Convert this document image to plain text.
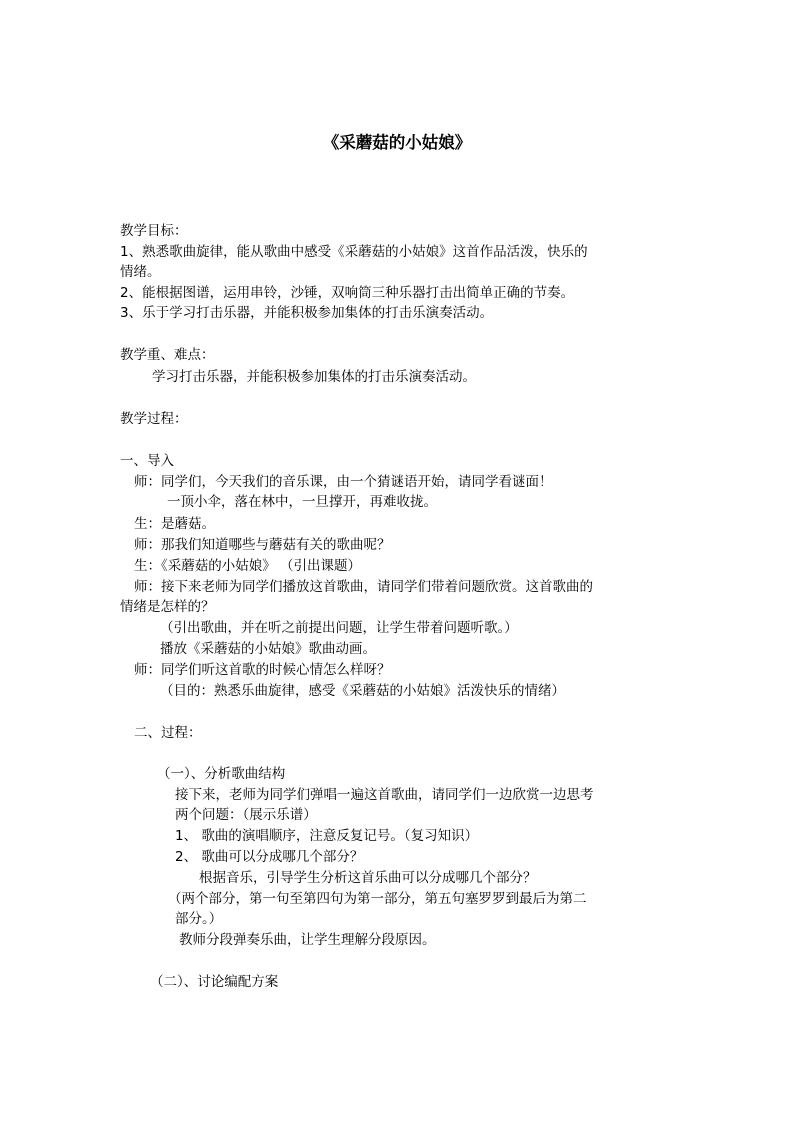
《采蘑菇的小姑娘》
教学目标：
1、熟悉歌曲旋律，能从歌曲中感受《采蘑菇的小姑娘》这首作品活泼，快乐的
情绪。
2、能根据图谱，运用串铃，沙锤，双响筒三种乐器打击出简单正确的节奏。
3、乐于学习打击乐器，并能积极参加集体的打击乐演奏活动。
教学重、难点：
学习打击乐器，并能积极参加集体的打击乐演奏活动。
教学过程：
一、导入
师：同学们，今天我们的音乐课，由一个猜谜语开始，请同学看谜面！
一顶小伞，落在林中，一旦撑开，再难收拢。
生：是蘑菇。
师：那我们知道哪些与蘑菇有关的歌曲呢？
生：《采蘑菇的小姑娘》 （引出课题）
师：接下来老师为同学们播放这首歌曲，请同学们带着问题欣赏。这首歌曲的
情绪是怎样的？
（引出歌曲，并在听之前提出问题，让学生带着问题听歌。）
播放《采蘑菇的小姑娘》歌曲动画。
师：同学们听这首歌的时候心情怎么样呀？
（目的：熟悉乐曲旋律，感受《采蘑菇的小姑娘》活泼快乐的情绪）
二、过程：
（一）、分析歌曲结构
接下来，老师为同学们弹唱一遍这首歌曲，请同学们一边欣赏一边思考
两个问题：（展示乐谱）
1、 歌曲的演唱顺序，注意反复记号。（复习知识）
2、 歌曲可以分成哪几个部分？
根据音乐，引导学生分析这首乐曲可以分成哪几个部分？
（两个部分，第一句至第四句为第一部分，第五句塞罗罗到最后为第二
部分。）
教师分段弹奏乐曲，让学生理解分段原因。
（二）、讨论编配方案
